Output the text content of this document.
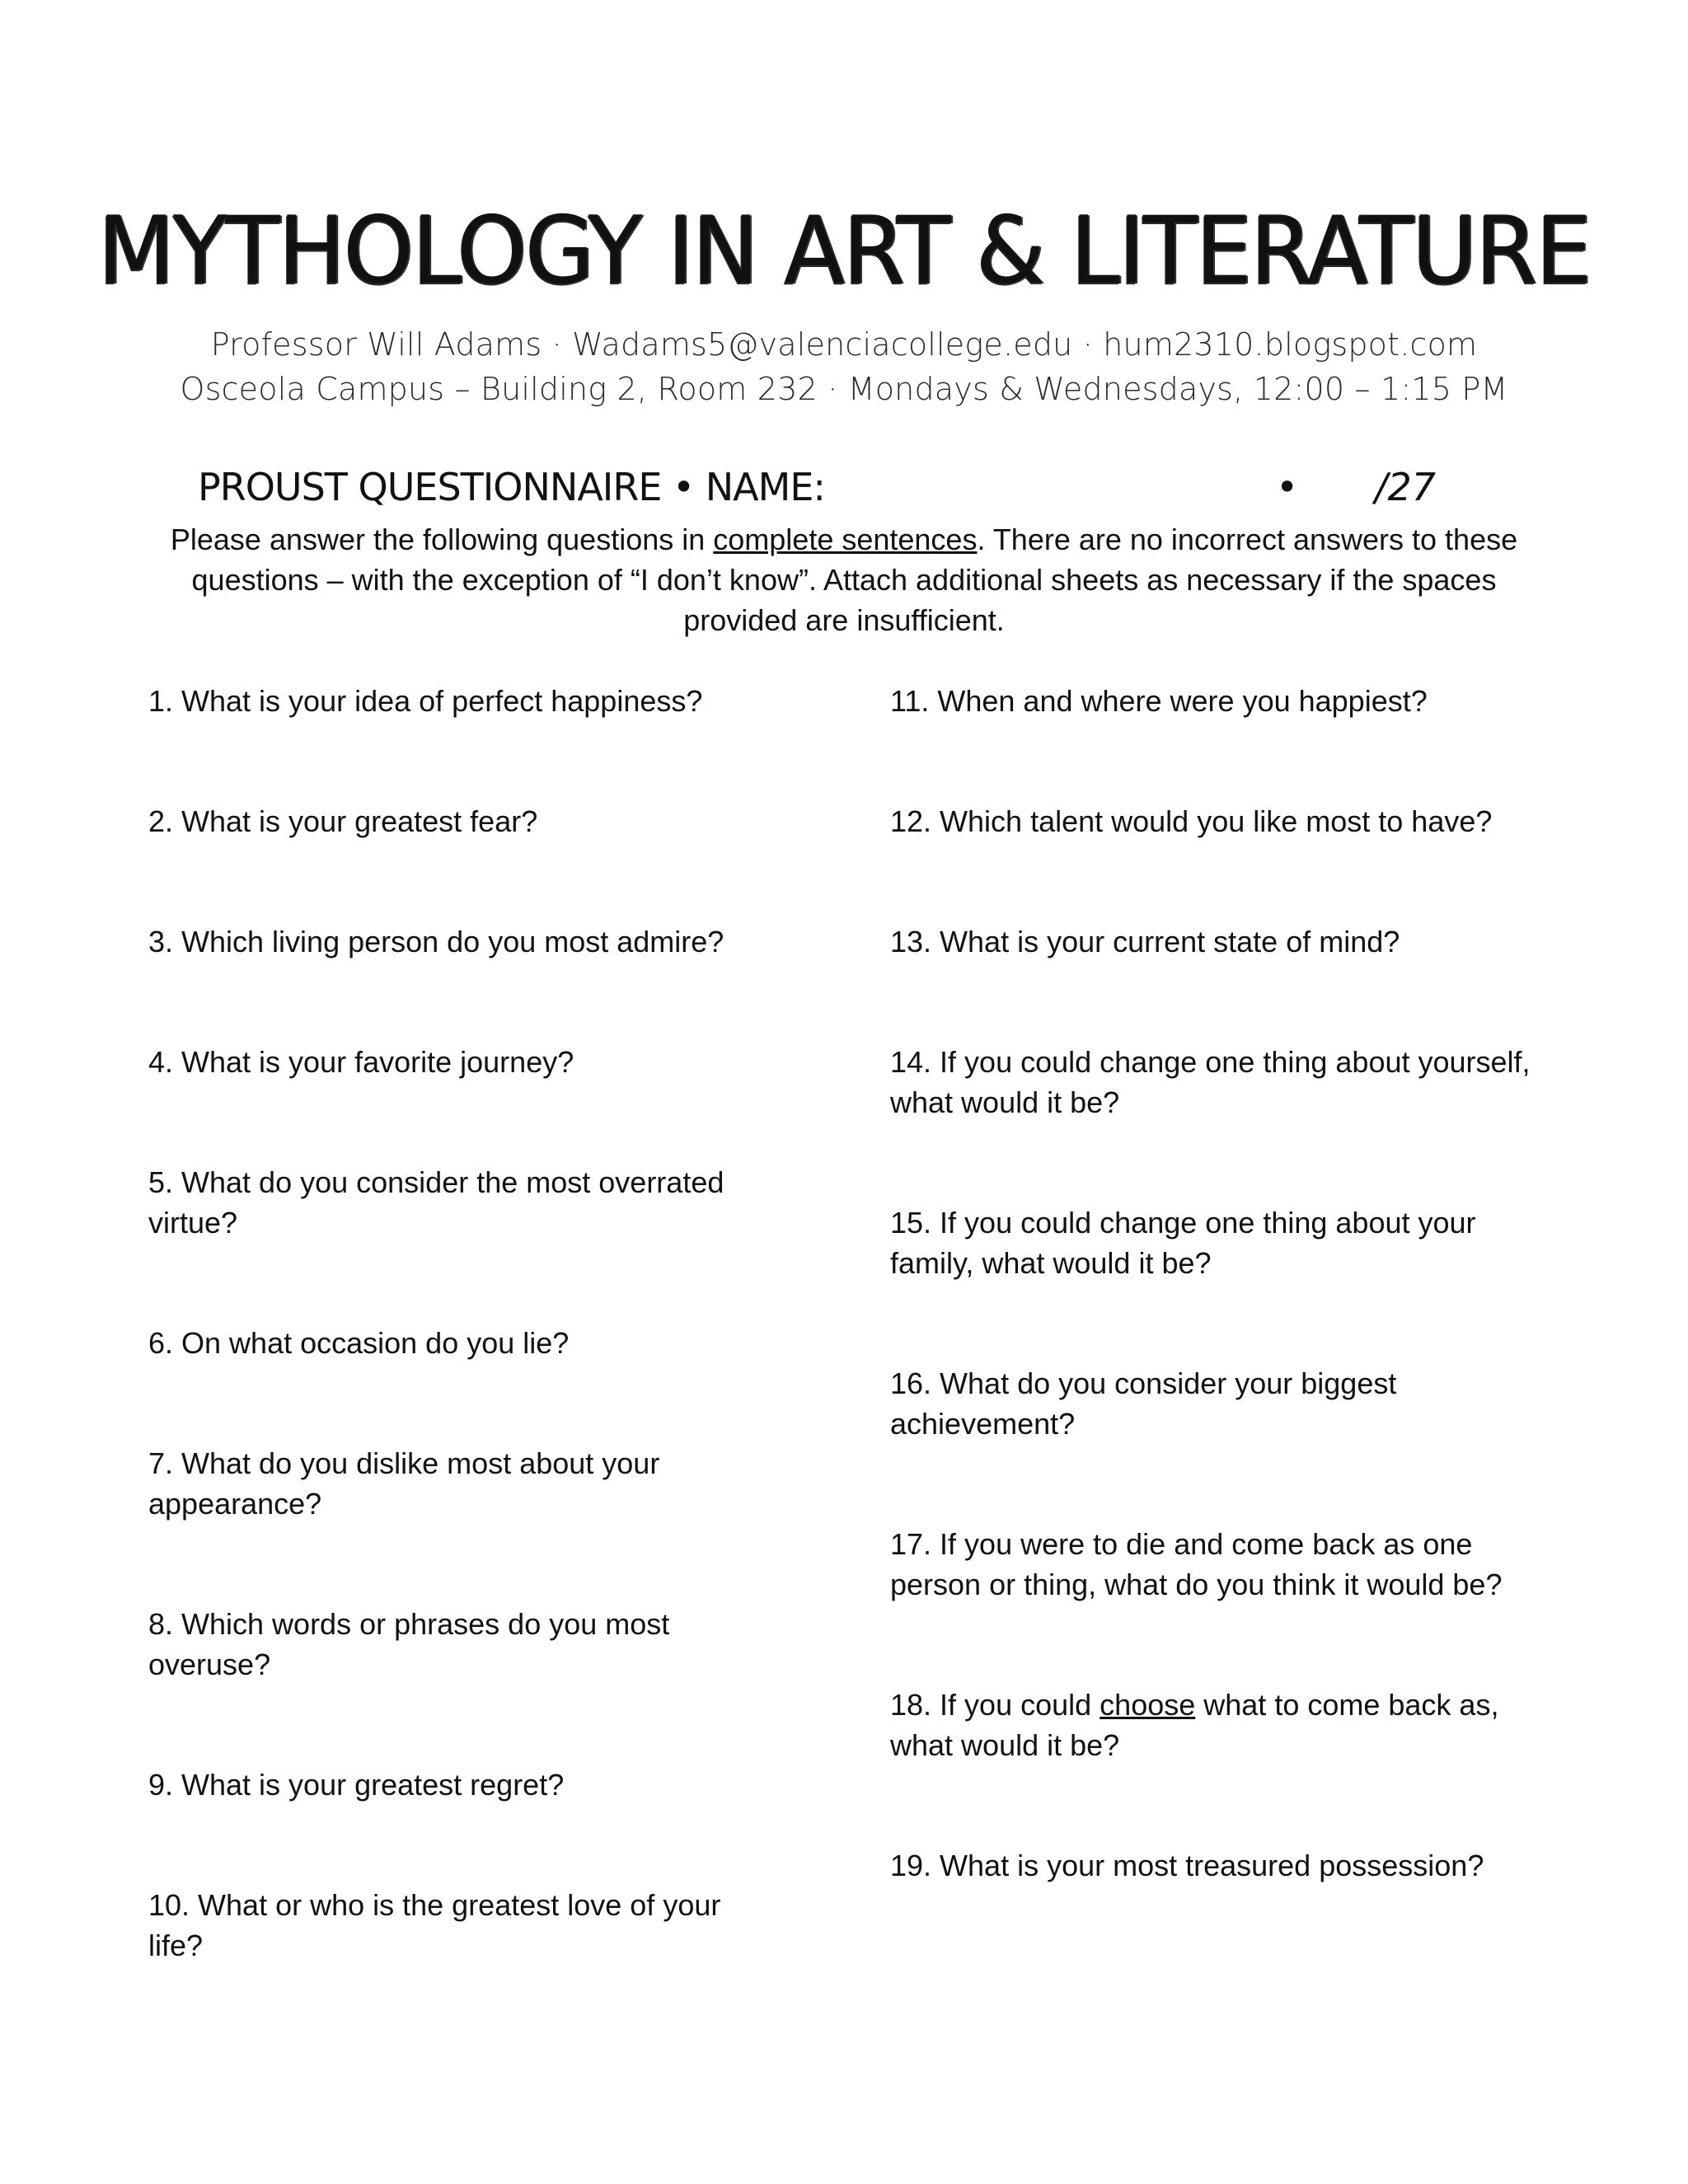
MYTHOLOGY IN ART & LITERATURE
Professor Will Adams · Wadams5@valenciacollege.edu · hum2310.blogspot.com
Osceola Campus – Building 2, Room 232 · Mondays & Wednesdays, 12:00 – 1:15 PM
PROUST QUESTIONNAIRE • NAME:	• /27
Please answer the following questions in complete sentences. There are no incorrect answers to these questions – with the exception of “I don’t know”. Attach additional sheets as necessary if the spaces provided are insufficient.

1. What is your idea of perfect happiness?

2. What is your greatest fear?

3. Which living person do you most admire?

4. What is your favorite journey?

5. What do you consider the most overrated virtue?

6. On what occasion do you lie?

7. What do you dislike most about your appearance?

8. Which words or phrases do you most overuse?

9. What is your greatest regret?

10. What or who is the greatest love of your life?

11. When and where were you happiest?

12. Which talent would you like most to have?

13. What is your current state of mind?

14. If you could change one thing about yourself, what would it be?

15. If you could change one thing about your family, what would it be?

16. What do you consider your biggest achievement?

17. If you were to die and come back as one person or thing, what do you think it would be?

18. If you could choose what to come back as, what would it be?

19. What is your most treasured possession?
